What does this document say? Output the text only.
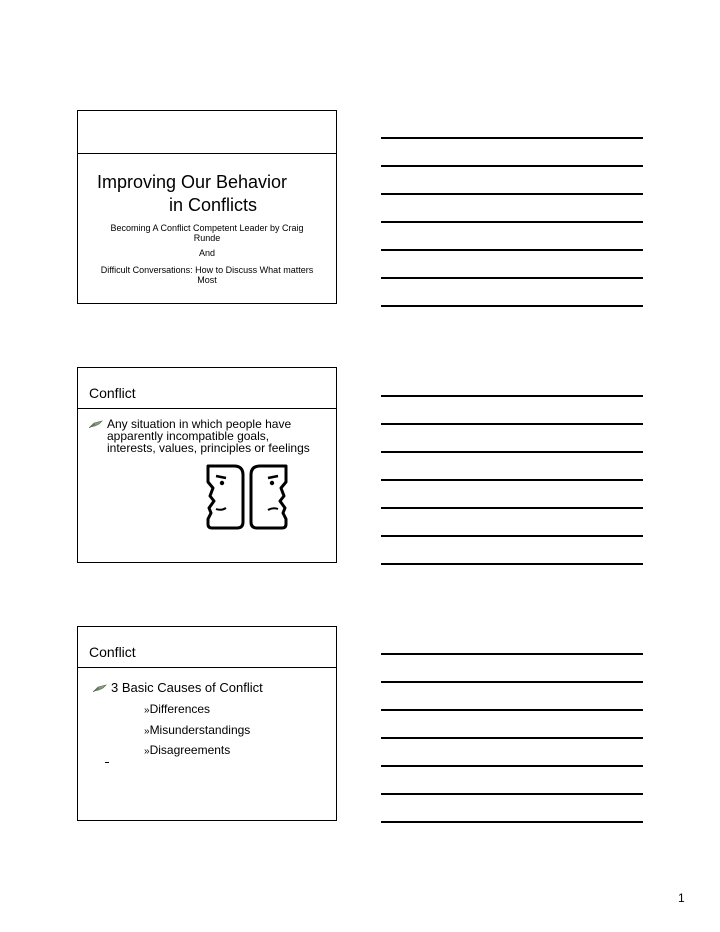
Improving Our Behavior
in Conflicts
Becoming A Conflict Competent Leader by Craig Runde
And
Difficult Conversations: How to Discuss What matters Most
Conflict
Any situation in which people have apparently incompatible goals, interests, values, principles or feelings
Conflict
3 Basic Causes of Conflict
»Differences
»Misunderstandings
»Disagreements
1
